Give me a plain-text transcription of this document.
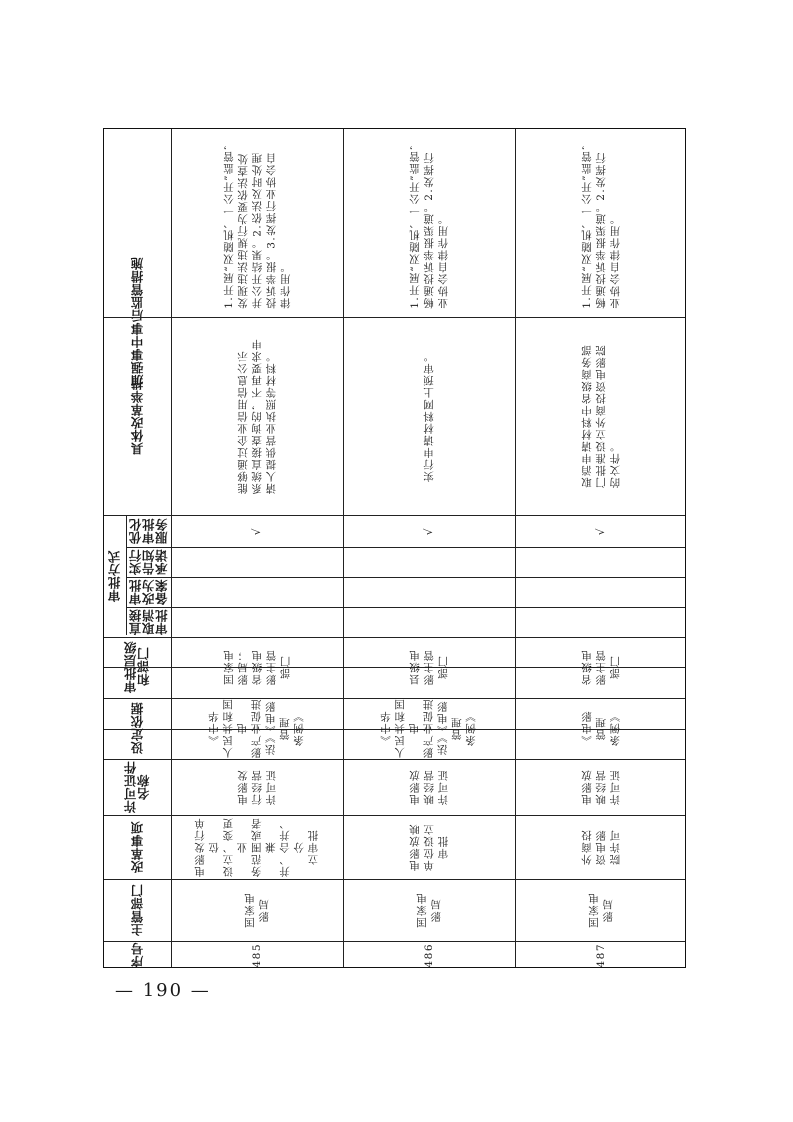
加强事中事后监管措施
具体改革举措
审批方式
优化
审批
服务
实行
告知
承诺
审批
改为
备案
直接
取消
审批
审批层级
和部门
设定依据
许可证件
名称
改革事项
主管部门
序号
1.开展“双随机、一公开”监管，
发现违法违规行为要依法查处
并公开结果。2.依法及时处理
投诉举报。3.发挥行业协会自
律作用。
能够通过企业信用信息公示
系统直接查询的，不再要求申
请人提供营业执照等材料。
√
国家电
影局；
省级电
影主管
部门
《中华
人民共和国电
影产业促进
法》《电影管理
条例》
电影发
行经营
许可证
电影发行单位
设立、变更业
务范围或者兼
并、合并、分
立审批
国家电
影局
485
1.开展“双随机、一公开”监管，
畅通投诉举报渠道。2.发挥行
业协会自律作用。
实行申请材料网上预审。
√
县级电
影主管
部门
《中华
人民共和国电
影产业促进
法》《电影管理
条例》
电影放
映经营
许可证
电影放映
单位设立
审批
国家电
影局
486
1.开展“双随机、一公开”监管，
畅通投诉举报渠道。2.发挥行
业协会自律作用。
取消申请材料中省级商务部
门批准设立外商投资电影院
的文件。
√
省级电
影主管
部门
《电影
管理
条例》
电影放
映经营
许可证
外商投
资电影
院许可
国家电
影局
487
— 190 —
